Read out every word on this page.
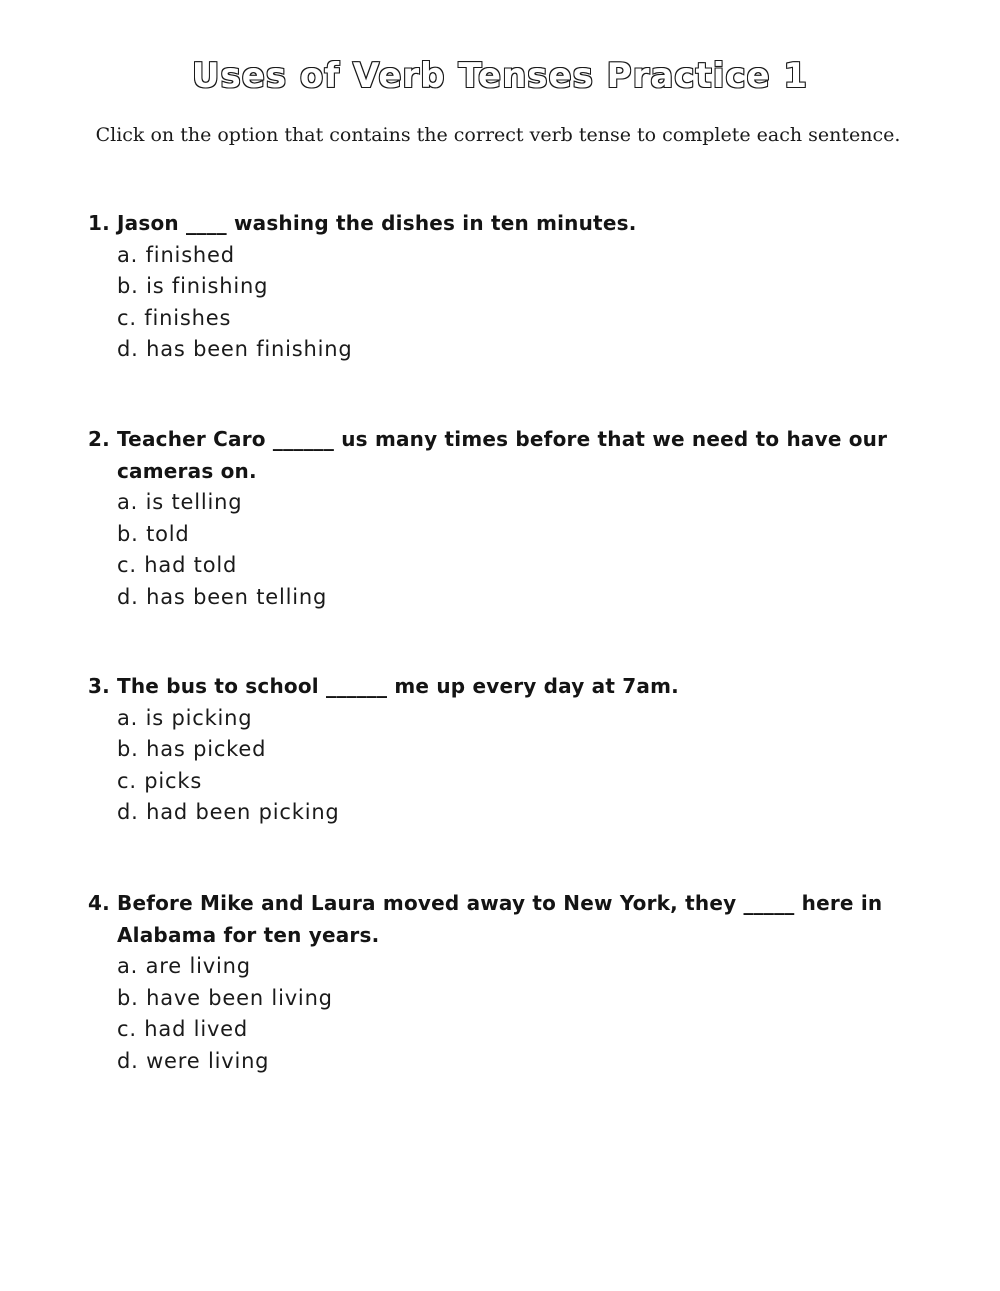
Uses of Verb Tenses Practice 1
Click on the option that contains the correct verb tense to complete each sentence.
1. Jason ____ washing the dishes in ten minutes.
a. finished
b. is finishing
c. finishes
d. has been finishing
2. Teacher Caro ______ us many times before that we need to have our cameras on.
a. is telling
b. told
c. had told
d. has been telling
3. The bus to school ______ me up every day at 7am.
a. is picking
b. has picked
c. picks
d. had been picking
4. Before Mike and Laura moved away to New York, they _____ here in Alabama for ten years.
a. are living
b. have been living
c. had lived
d. were living
